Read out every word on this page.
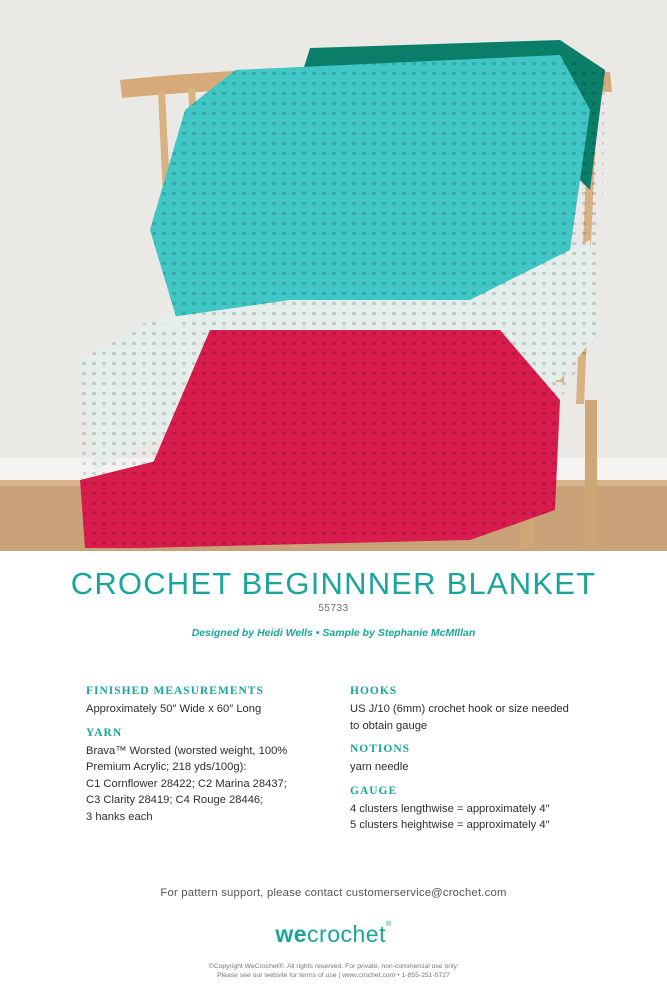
CROCHET BEGINNNER BLANKET
55733
Designed by Heidi Wells • Sample by Stephanie McMIllan
FINISHED MEASUREMENTS
Approximately 50″ Wide x 60″ Long
YARN
Brava™ Worsted (worsted weight, 100%
Premium Acrylic; 218 yds/100g):
C1 Cornflower 28422; C2 Marina 28437;
C3 Clarity 28419; C4 Rouge 28446;
3 hanks each
HOOKS
US J/10 (6mm) crochet hook or size needed
to obtain gauge
NOTIONS
yarn needle
GAUGE
4 clusters lengthwise = approximately 4″
5 clusters heightwise = approximately 4″
For pattern support, please contact customerservice@crochet.com
wecrochet®
©Copyright WeCrochet®. All rights reserved. For private, non-commercial use only.
Please see our website for terms of use | www.crochet.com • 1-855-251-5727
